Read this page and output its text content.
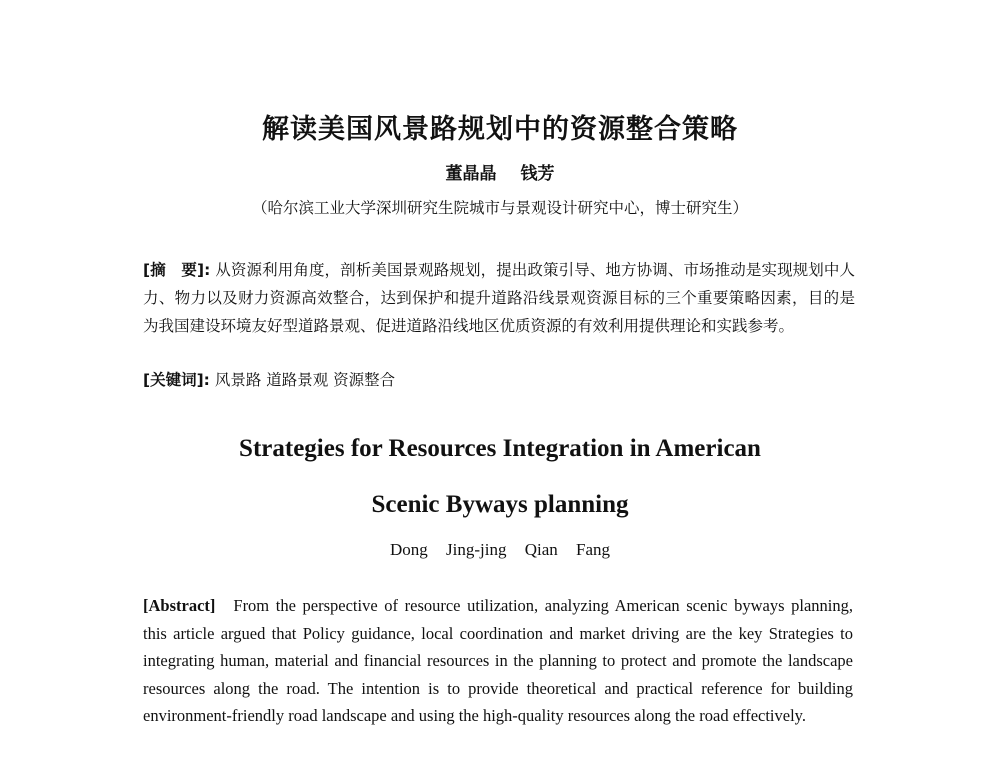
解读美国风景路规划中的资源整合策略
董晶晶 钱芳
（哈尔滨工业大学深圳研究生院城市与景观设计研究中心，博士研究生）

[摘　要]: 从资源利用角度，剖析美国景观路规划，提出政策引导、地方协调、市场推动是实现规划中人力、物力以及财力资源高效整合，达到保护和提升道路沿线景观资源目标的三个重要策略因素，目的是为我国建设环境友好型道路景观、促进道路沿线地区优质资源的有效利用提供理论和实践参考。

[关键词]: 风景路 道路景观 资源整合

Strategies for Resources Integration in American
Scenic Byways planning
Dong Jing-jing Qian Fang

[Abstract] From the perspective of resource utilization, analyzing American scenic byways planning, this article argued that Policy guidance, local coordination and market driving are the key Strategies to integrating human, material and financial resources in the planning to protect and promote the landscape resources along the road. The intention is to provide theoretical and practical reference for building environment-friendly road landscape and using the high-quality resources along the road effectively.
